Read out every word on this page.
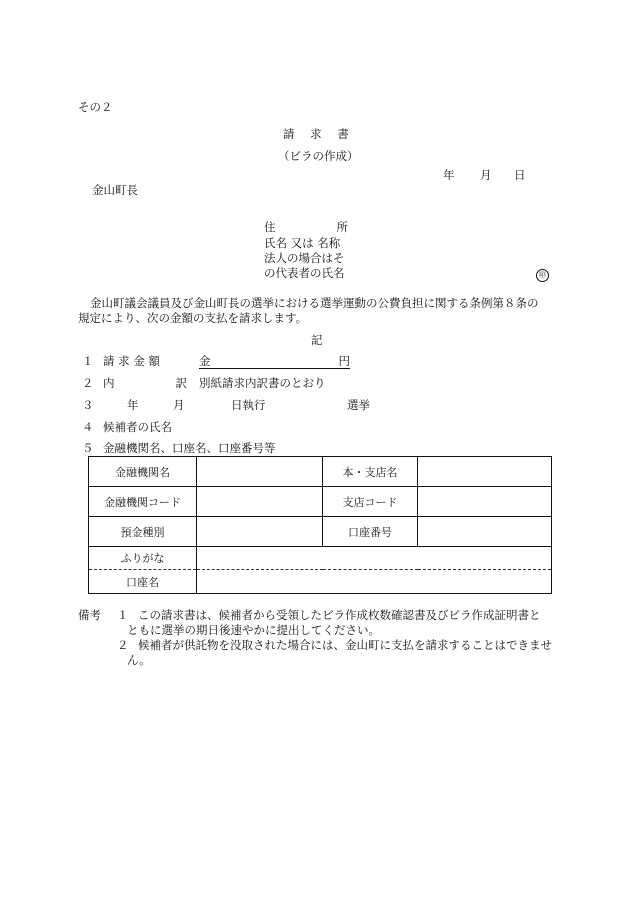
その２
請 求 書
（ビラの作成）
年 月 日
金山町長
住	所
氏名 又は 名称
法人の場合はそ
の代表者の氏名	㊞
金山町議会議員及び金山町長の選挙における選挙運動の公費負担に関する条例第８条の
規定により、次の金額の支払を請求します。
記
１ 請 求 金 額	金	円
２ 内	訳 別紙請求内訳書のとおり
３	年	月	日執行	選挙
４ 候補者の氏名
５ 金融機関名、口座名、口座番号等
金融機関名		本・支店名	
金融機関コード		支店コード	
預金種別		口座番号	
ふりがな			
口座名			
備考 １ この請求書は、候補者から受領したビラ作成枚数確認書及びビラ作成証明書と
ともに選挙の期日後速やかに提出してください。
２ 候補者が供託物を没取された場合には、金山町に支払を請求することはできませ
ん。
